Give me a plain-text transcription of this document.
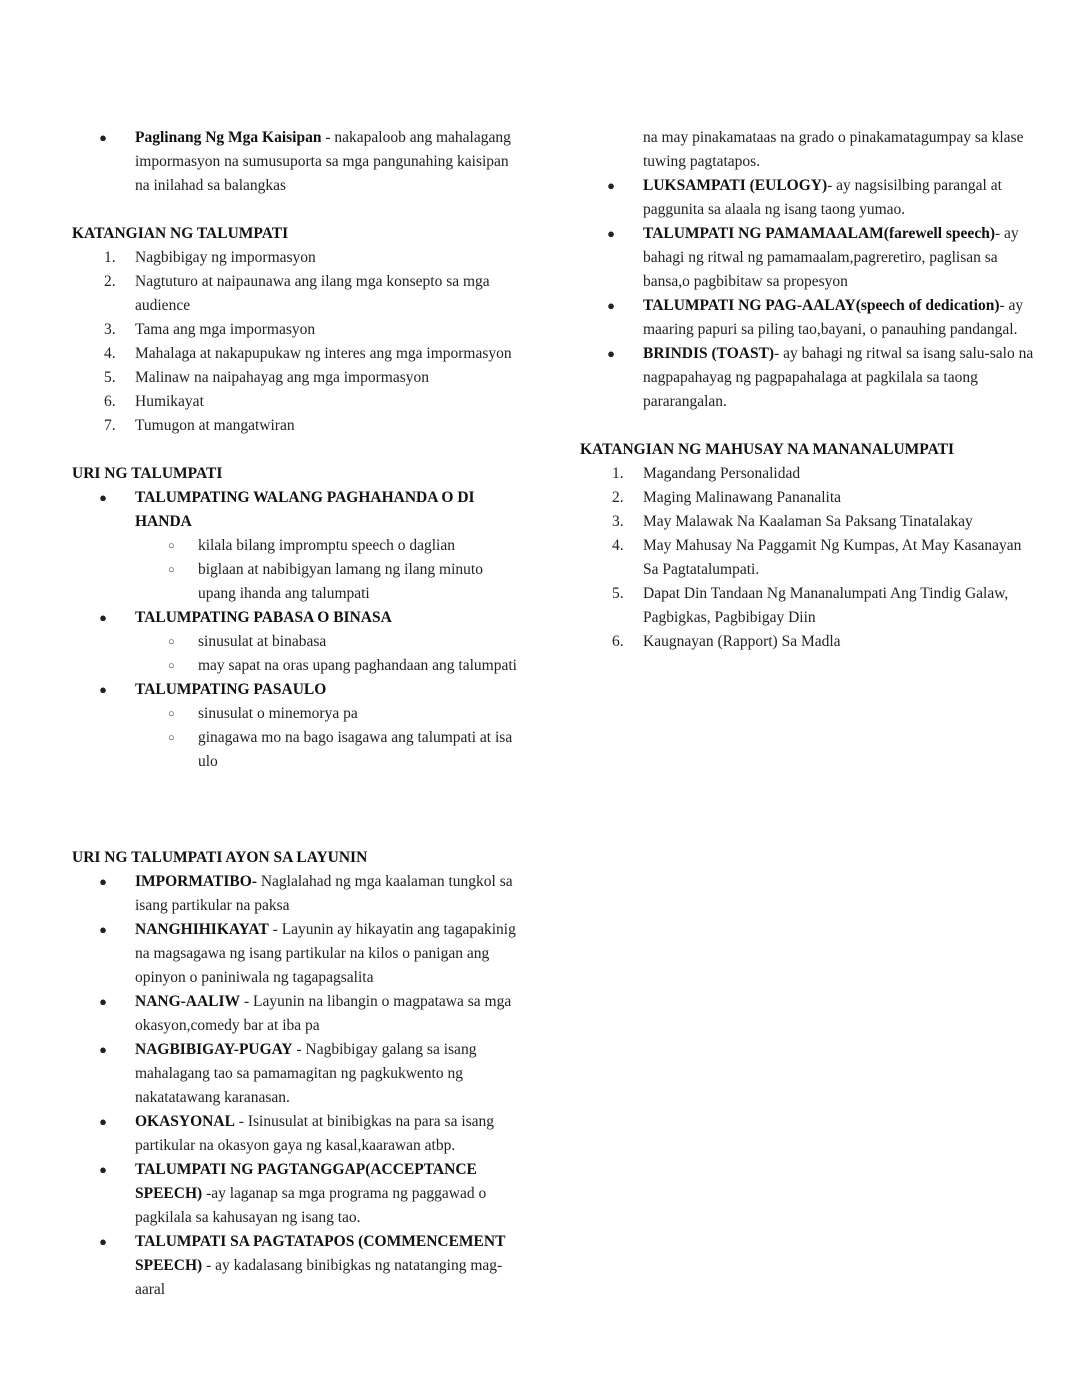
●	Paglinang Ng Mga Kaisipan - nakapaloob ang mahalagang impormasyon na sumusuporta sa mga pangunahing kaisipan na inilahad sa balangkas
KATANGIAN NG TALUMPATI
1.	Nagbibigay ng impormasyon
2.	Nagtuturo at naipaunawa ang ilang mga konsepto sa mga audience
3.	Tama ang mga impormasyon
4.	Mahalaga at nakapupukaw ng interes ang mga impormasyon
5.	Malinaw na naipahayag ang mga impormasyon
6.	Humikayat
7.	Tumugon at mangatwiran
URI NG TALUMPATI
●	TALUMPATING WALANG PAGHAHANDA O DI HANDA
○	kilala bilang impromptu speech o daglian
○	biglaan at nabibigyan lamang ng ilang minuto upang ihanda ang talumpati
●	TALUMPATING PABASA O BINASA
○	sinusulat at binabasa
○	may sapat na oras upang paghandaan ang talumpati
●	TALUMPATING PASAULO
○	sinusulat o minemorya pa
○	ginagawa mo na bago isagawa ang talumpati at isa ulo
URI NG TALUMPATI AYON SA LAYUNIN
●	IMPORMATIBO- Naglalahad ng mga kaalaman tungkol sa isang partikular na paksa
●	NANGHIHIKAYAT - Layunin ay hikayatin ang tagapakinig na magsagawa ng isang partikular na kilos o panigan ang opinyon o paniniwala ng tagapagsalita
●	NANG-AALIW - Layunin na libangin o magpatawa sa mga okasyon,comedy bar at iba pa
●	NAGBIBIGAY-PUGAY - Nagbibigay galang sa isang mahalagang tao sa pamamagitan ng pagkukwento ng nakatatawang karanasan.
●	OKASYONAL - Isinusulat at binibigkas na para sa isang partikular na okasyon gaya ng kasal,kaarawan atbp.
●	TALUMPATI NG PAGTANGGAP(ACCEPTANCE SPEECH) -ay laganap sa mga programa ng paggawad o pagkilala sa kahusayan ng isang tao.
●	TALUMPATI SA PAGTATAPOS (COMMENCEMENT SPEECH) - ay kadalasang binibigkas ng natatanging mag-aaral
na may pinakamataas na grado o pinakamatagumpay sa klase tuwing pagtatapos.
●	LUKSAMPATI (EULOGY)- ay nagsisilbing parangal at paggunita sa alaala ng isang taong yumao.
●	TALUMPATI NG PAMAMAALAM(farewell speech)- ay bahagi ng ritwal ng pamamaalam,pagreretiro, paglisan sa bansa,o pagbibitaw sa propesyon
●	TALUMPATI NG PAG-AALAY(speech of dedication)- ay maaring papuri sa piling tao,bayani, o panauhing pandangal.
●	BRINDIS (TOAST)- ay bahagi ng ritwal sa isang salu-salo na nagpapahayag ng pagpapahalaga at pagkilala sa taong pararangalan.
KATANGIAN NG MAHUSAY NA MANANALUMPATI
1.	Magandang Personalidad
2.	Maging Malinawang Pananalita
3.	May Malawak Na Kaalaman Sa Paksang Tinatalakay
4.	May Mahusay Na Paggamit Ng Kumpas, At May Kasanayan Sa Pagtatalumpati.
5.	Dapat Din Tandaan Ng Mananalumpati Ang Tindig Galaw, Pagbigkas, Pagbibigay Diin
6.	Kaugnayan (Rapport) Sa Madla
